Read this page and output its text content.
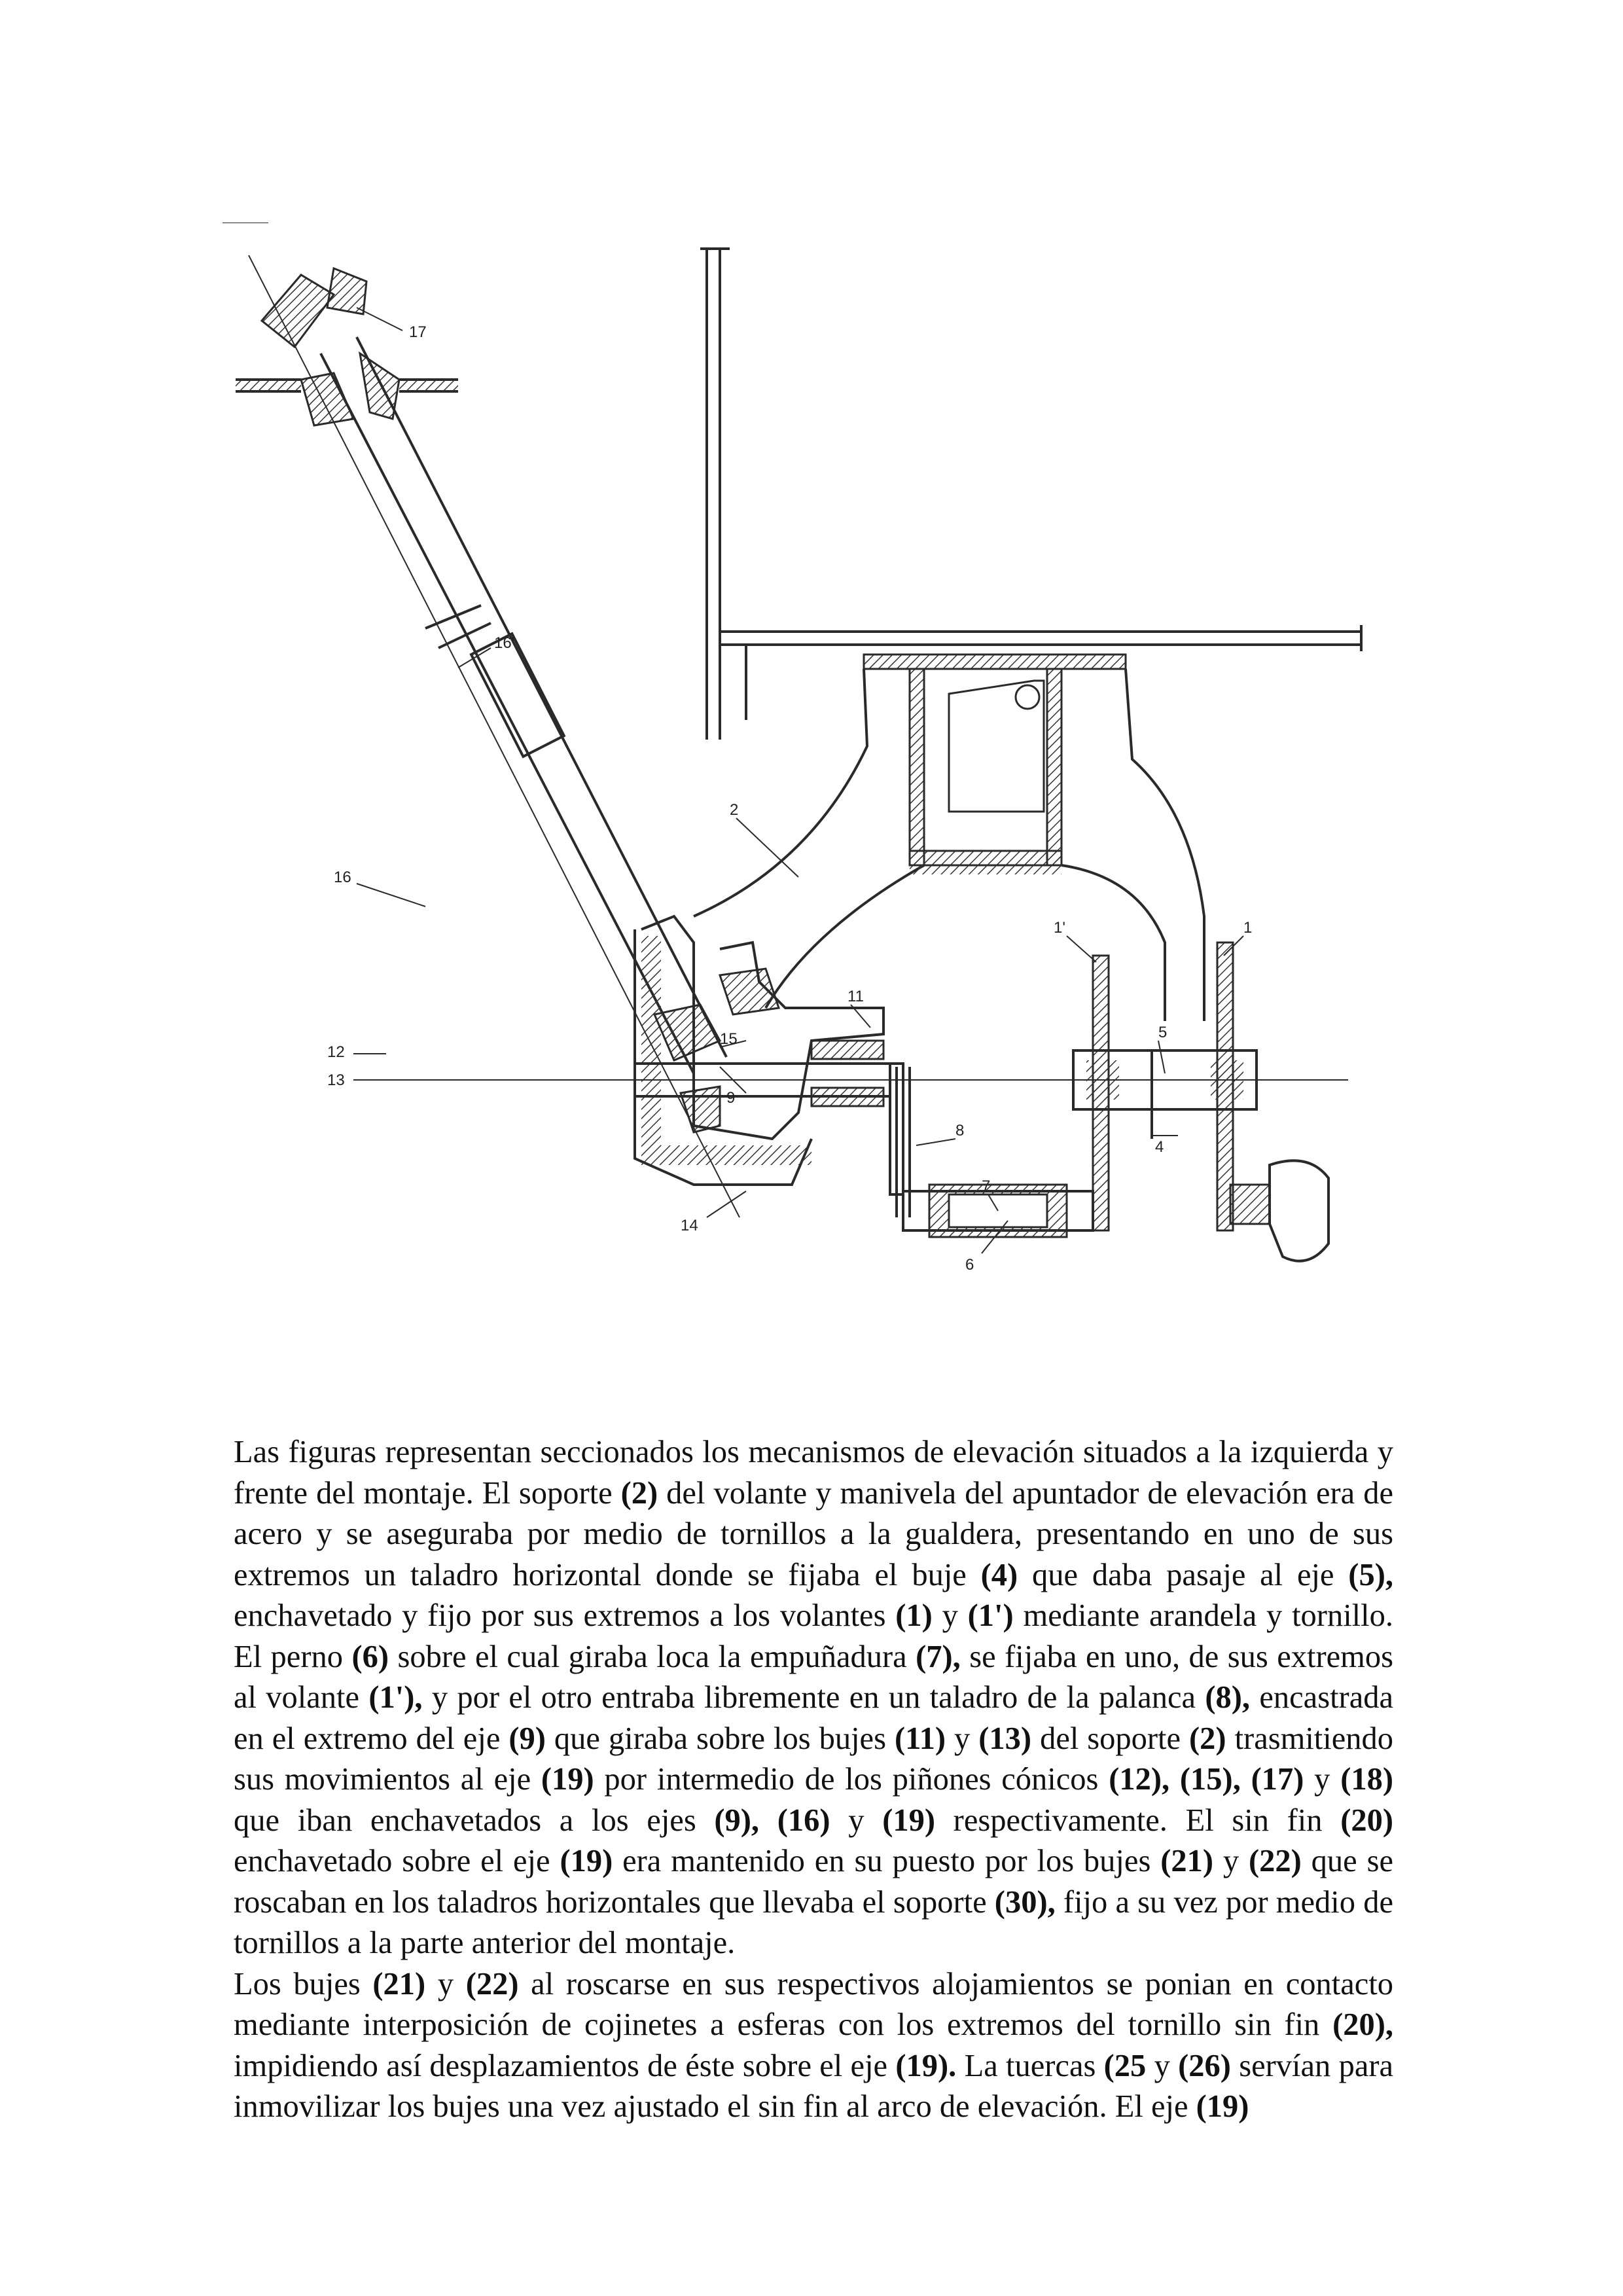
17
16'
2
16
12
13
15
9
11
8
14
7
6
1'
5
4
1

Las figuras representan seccionados los mecanismos de elevación situados a la izquierda y frente del montaje. El soporte (2) del volante y manivela del apuntador de elevación era de acero y se aseguraba por medio de tornillos a la gualdera, presentando en uno de sus extremos un taladro horizontal donde se fijaba el buje (4) que daba pasaje al eje (5), enchavetado y fijo por sus extremos a los volantes (1) y (1') mediante arandela y tornillo. El perno (6) sobre el cual giraba loca la empuñadura (7), se fijaba en uno, de sus extremos al volante (1'), y por el otro entraba libremente en un taladro de la palanca (8), encastrada en el extremo del eje (9) que giraba sobre los bujes (11) y (13) del soporte (2) trasmitiendo sus movimientos al eje (19) por intermedio de los piñones cónicos (12), (15), (17) y (18) que iban enchavetados a los ejes (9), (16) y (19) respectivamente. El sin fin (20) enchavetado sobre el eje (19) era mantenido en su puesto por los bujes (21) y (22) que se roscaban en los taladros horizontales que llevaba el soporte (30), fijo a su vez por medio de tornillos a la parte anterior del montaje.

Los bujes (21) y (22) al roscarse en sus respectivos alojamientos se ponian en contacto mediante interposición de cojinetes a esferas con los extremos del tornillo sin fin (20), impidiendo así desplazamientos de éste sobre el eje (19). La tuercas (25 y (26) servían para inmovilizar los bujes una vez ajustado el sin fin al arco de elevación. El eje (19)
